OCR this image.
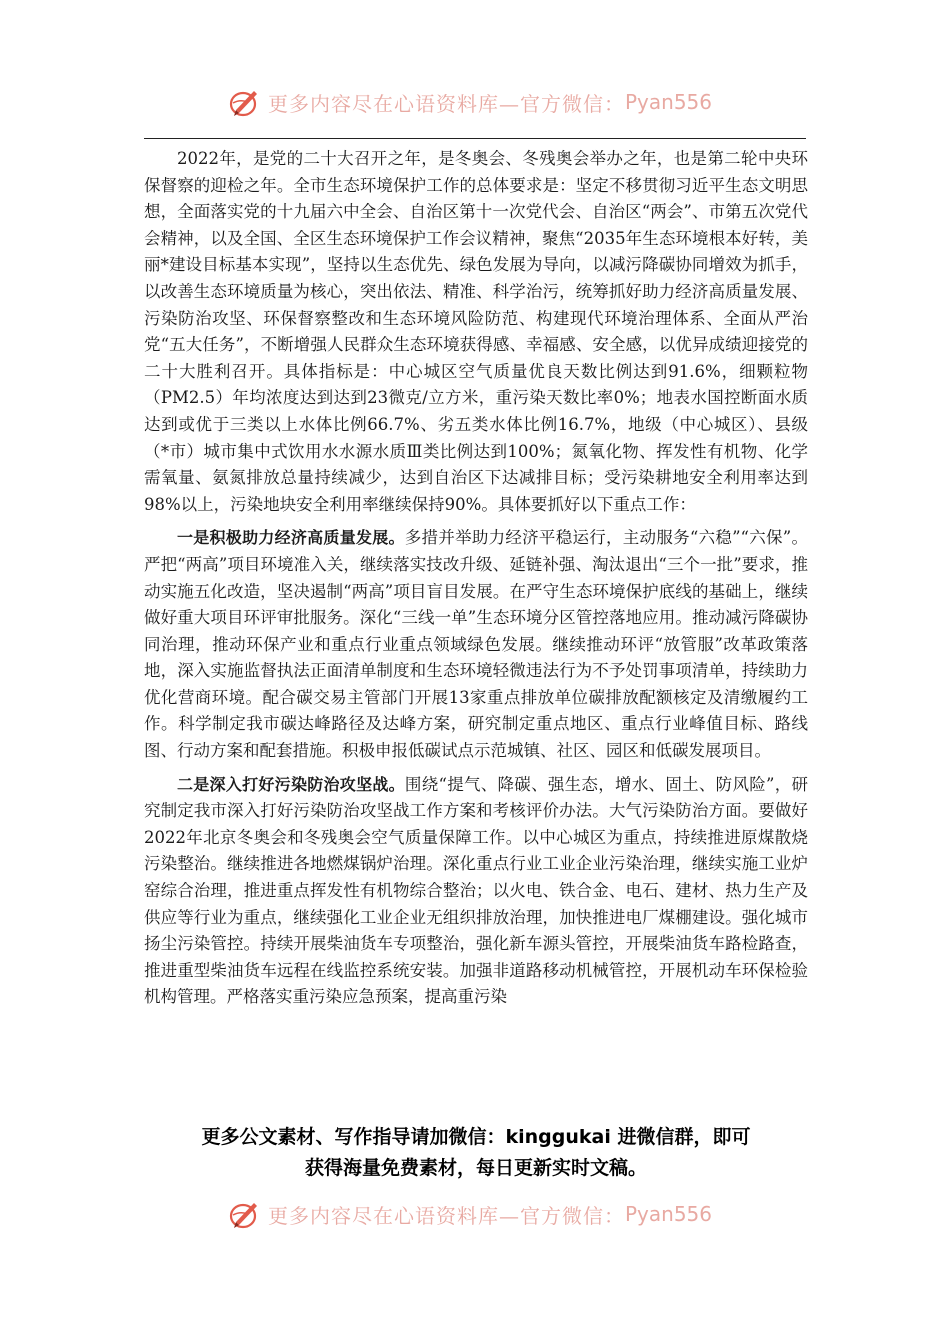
更多内容尽在心语资料库—官方微信： Pyan556

2022年，是党的二十大召开之年，是冬奥会、冬残奥会举办之年，也是第二轮中央环保督察的迎检之年。全市生态环境保护工作的总体要求是：坚定不移贯彻习近平生态文明思想，全面落实党的十九届六中全会、自治区第十一次党代会、自治区“两会”、市第五次党代会精神，以及全国、全区生态环境保护工作会议精神，聚焦“2035年生态环境根本好转，美丽*建设目标基本实现”，坚持以生态优先、绿色发展为导向，以减污降碳协同增效为抓手，以改善生态环境质量为核心，突出依法、精准、科学治污，统筹抓好助力经济高质量发展、污染防治攻坚、环保督察整改和生态环境风险防范、构建现代环境治理体系、全面从严治党“五大任务”，不断增强人民群众生态环境获得感、幸福感、安全感，以优异成绩迎接党的二十大胜利召开。具体指标是：中心城区空气质量优良天数比例达到91.6%，细颗粒物（PM2.5）年均浓度达到达到23微克/立方米，重污染天数比率0%；地表水国控断面水质达到或优于三类以上水体比例66.7%、劣五类水体比例16.7%，地级（中心城区）、县级（*市）城市集中式饮用水水源水质Ⅲ类比例达到100%；氮氧化物、挥发性有机物、化学需氧量、氨氮排放总量持续减少，达到自治区下达减排目标；受污染耕地安全利用率达到98%以上，污染地块安全利用率继续保持90%。具体要抓好以下重点工作：

一是积极助力经济高质量发展。多措并举助力经济平稳运行，主动服务“六稳”“六保”。严把“两高”项目环境准入关，继续落实技改升级、延链补强、淘汰退出“三个一批”要求，推动实施五化改造，坚决遏制“两高”项目盲目发展。在严守生态环境保护底线的基础上，继续做好重大项目环评审批服务。深化“三线一单”生态环境分区管控落地应用。推动减污降碳协同治理，推动环保产业和重点行业重点领域绿色发展。继续推动环评“放管服”改革政策落地，深入实施监督执法正面清单制度和生态环境轻微违法行为不予处罚事项清单，持续助力优化营商环境。配合碳交易主管部门开展13家重点排放单位碳排放配额核定及清缴履约工作。科学制定我市碳达峰路径及达峰方案，研究制定重点地区、重点行业峰值目标、路线图、行动方案和配套措施。积极申报低碳试点示范城镇、社区、园区和低碳发展项目。

二是深入打好污染防治攻坚战。围绕“提气、降碳、强生态，增水、固土、防风险”，研究制定我市深入打好污染防治攻坚战工作方案和考核评价办法。大气污染防治方面。要做好2022年北京冬奥会和冬残奥会空气质量保障工作。以中心城区为重点，持续推进原煤散烧污染整治。继续推进各地燃煤锅炉治理。深化重点行业工业企业污染治理，继续实施工业炉窑综合治理，推进重点挥发性有机物综合整治；以火电、铁合金、电石、建材、热力生产及供应等行业为重点，继续强化工业企业无组织排放治理，加快推进电厂煤棚建设。强化城市扬尘污染管控。持续开展柴油货车专项整治，强化新车源头管控，开展柴油货车路检路查，推进重型柴油货车远程在线监控系统安装。加强非道路移动机械管控，开展机动车环保检验机构管理。严格落实重污染应急预案，提高重污染

更多公文素材、写作指导请加微信：kinggukai 进微信群，即可
获得海量免费素材，每日更新实时文稿。
更多内容尽在心语资料库—官方微信： Pyan556
